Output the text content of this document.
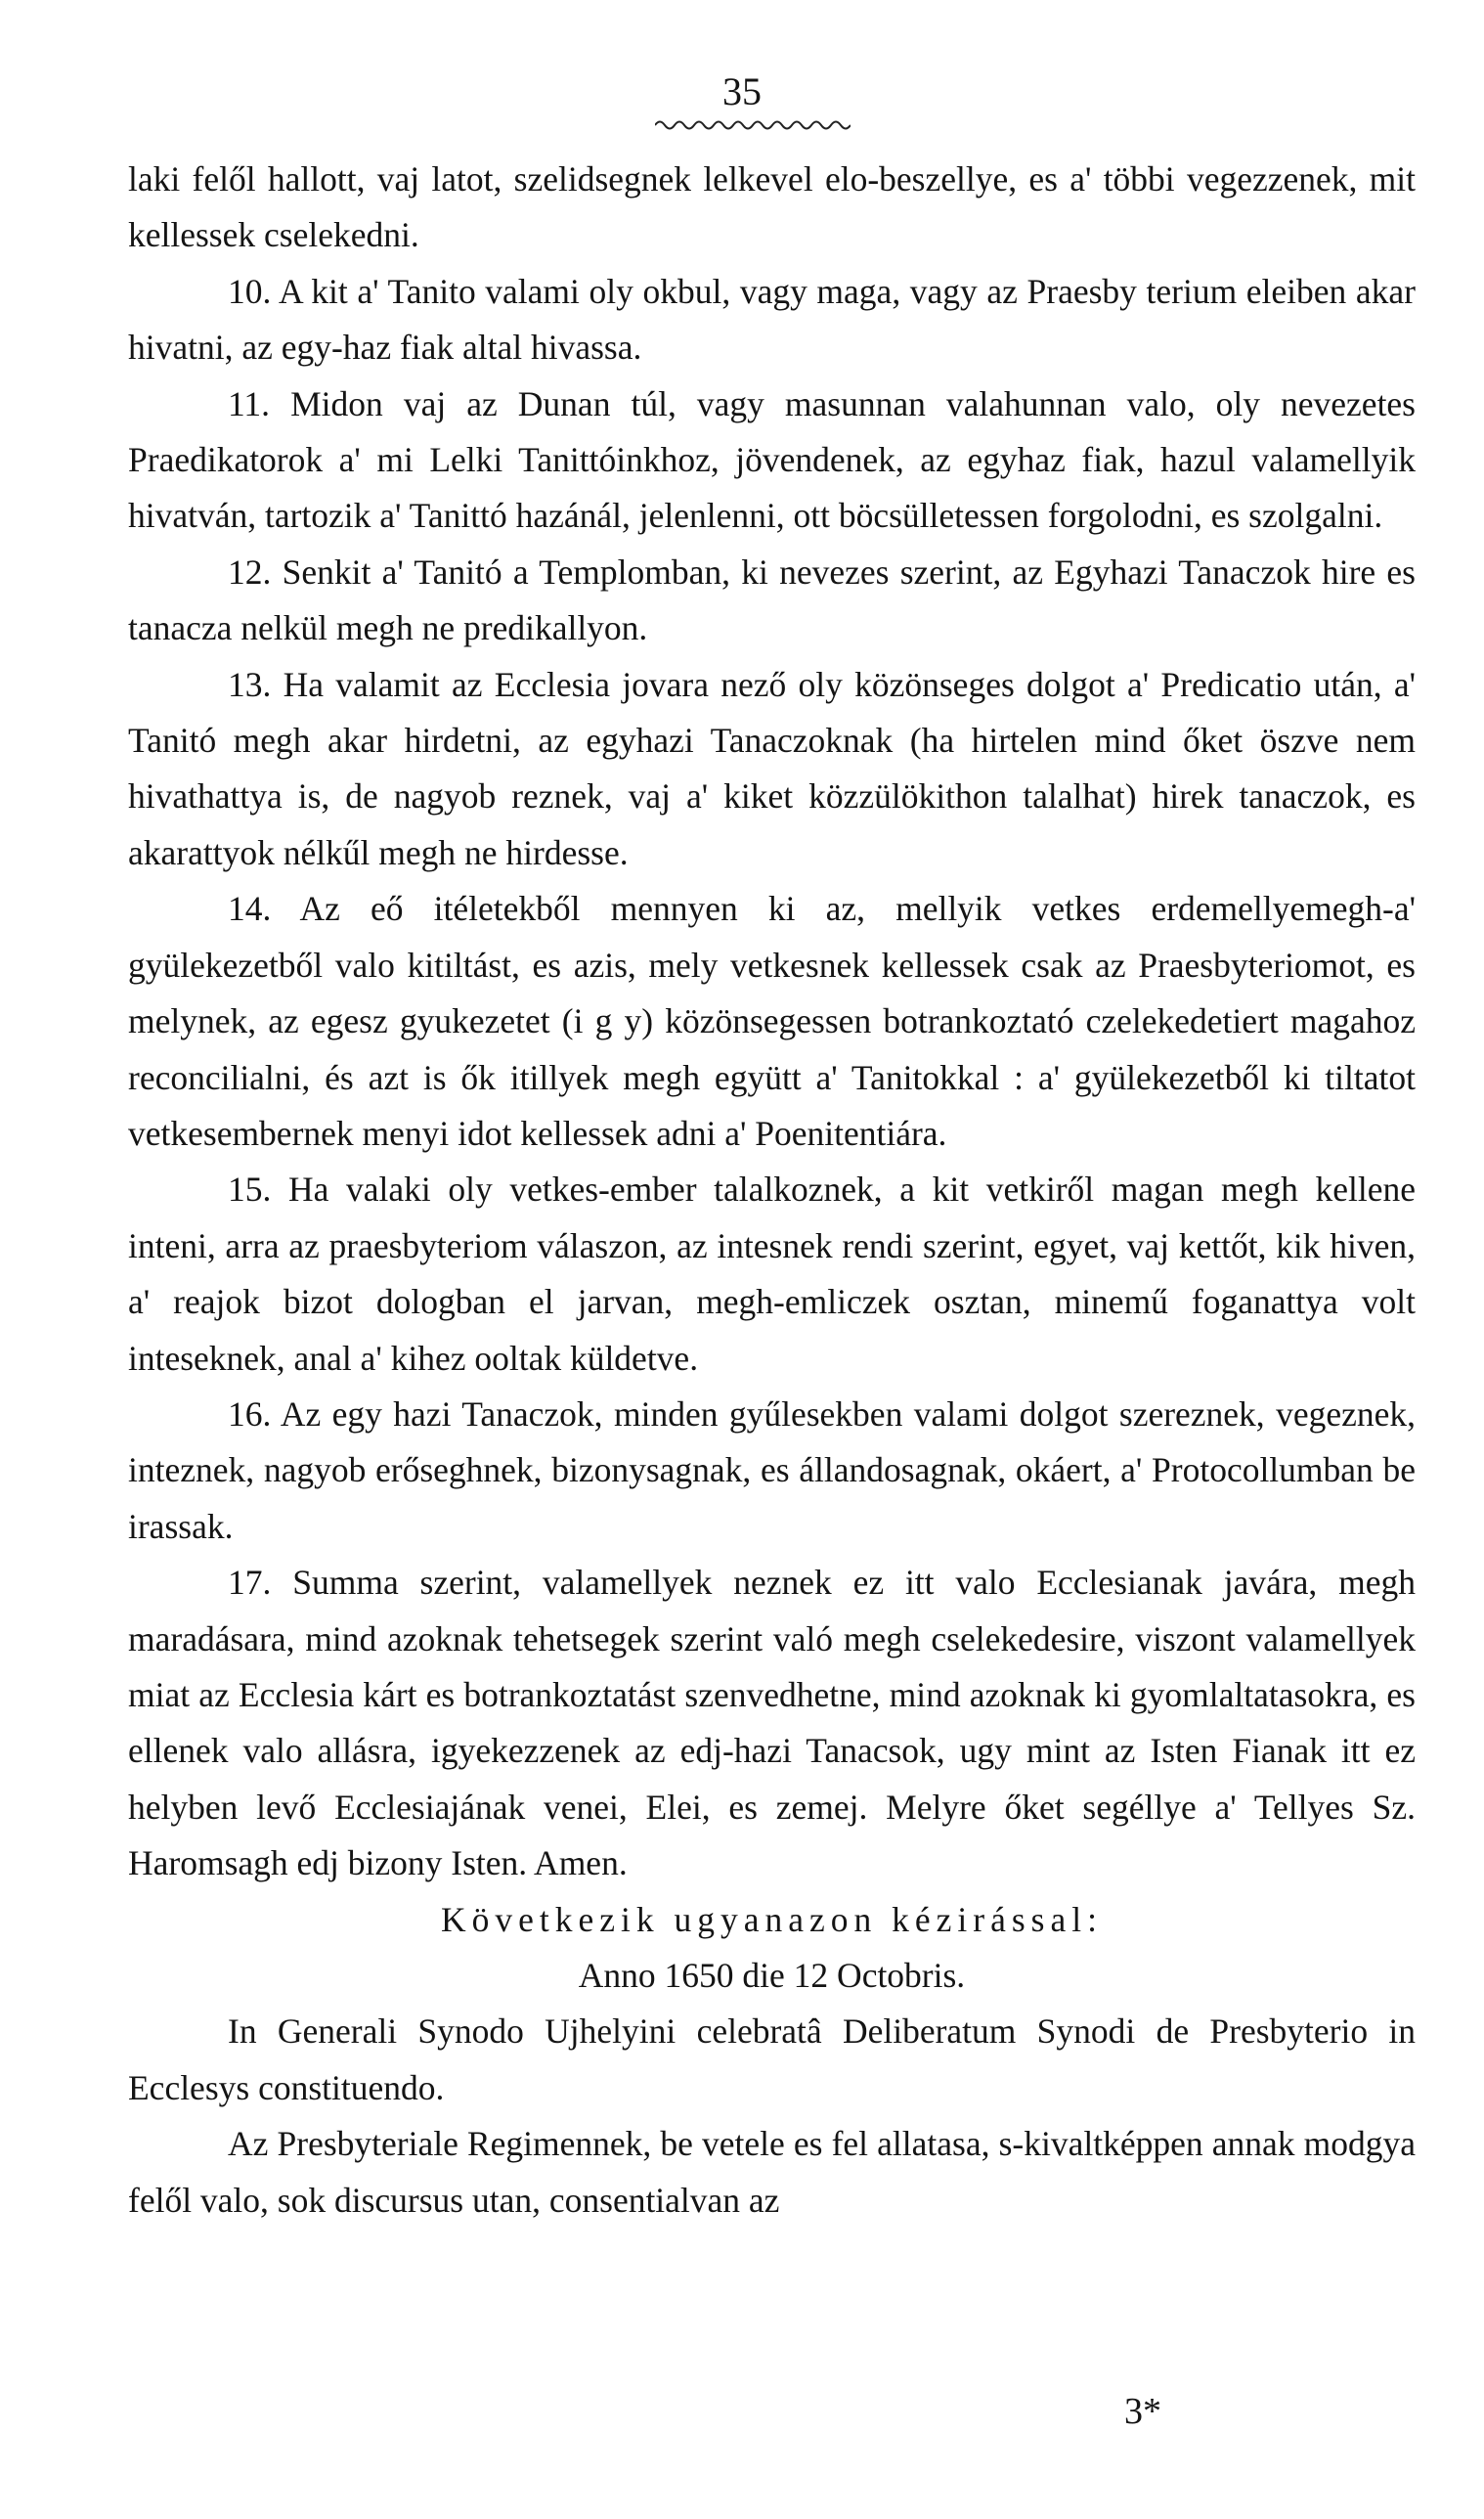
35

laki felől hallott, vaj latot, szelidsegnek lelkevel elo-beszellye, es a' többi vegezzenek, mit kellessek cselekedni.

10. A kit a' Tanito valami oly okbul, vagy maga, vagy az Praesby terium eleiben akar hivatni, az egy-haz fiak altal hivassa.

11. Midon vaj az Dunan túl, vagy masunnan valahunnan valo, oly nevezetes Praedikatorok a' mi Lelki Tanittóinkhoz, jövendenek, az egyhaz fiak, hazul valamellyik hivatván, tartozik a' Tanittó hazánál, jelenlenni, ott böcsülletessen forgolodni, es szolgalni.

12. Senkit a' Tanitó a Templomban, ki nevezes szerint, az Egyhazi Tanaczok hire es tanacza nelkül megh ne predikallyon.

13. Ha valamit az Ecclesia jovara nező oly közönseges dolgot a' Predicatio után, a' Tanitó megh akar hirdetni, az egyhazi Tanaczoknak (ha hirtelen mind őket öszve nem hivathattya is, de nagyob reznek, vaj a' kiket közzülökithon talalhat) hirek tanaczok, es akarattyok nélkűl megh ne hirdesse.

14. Az eő itéletekből mennyen ki az, mellyik vetkes erdemellyemegh-a' gyülekezetből valo kitiltást, es azis, mely vetkesnek kellessek csak az Praesbyteriomot, es melynek, az egesz gyukezetet (i g y) közönsegessen botrankoztató czelekedetiert magahoz reconcilialni, és azt is ők itillyek megh együtt a' Tanitokkal : a' gyülekezetből ki tiltatot vetkesembernek menyi idot kellessek adni a' Poenitentiára.

15. Ha valaki oly vetkes-ember talalkoznek, a kit vetkiről magan megh kellene inteni, arra az praesbyteriom válaszon, az intesnek rendi szerint, egyet, vaj kettőt, kik hiven, a' reajok bizot dologban el jarvan, megh-emliczek osztan, minemű foganattya volt inteseknek, anal a' kihez ooltak küldetve.

16. Az egy hazi Tanaczok, minden gyűlesekben valami dolgot szereznek, vegeznek, inteznek, nagyob erőseghnek, bizonysagnak, es állandosagnak, okáert, a' Protocollumban be irassak.

17. Summa szerint, valamellyek neznek ez itt valo Ecclesianak javára, megh maradásara, mind azoknak tehetsegek szerint való megh cselekedesire, viszont valamellyek miat az Ecclesia kárt es botrankoztatást szenvedhetne, mind azoknak ki gyomlaltatasokra, es ellenek valo allásra, igyekezzenek az edj-hazi Tanacsok, ugy mint az Isten Fianak itt ez helyben levő Ecclesiajának venei, Elei, es zemej. Melyre őket segéllye a' Tellyes Sz. Haromsagh edj bizony Isten. Amen.

Következik ugyanazon kézirással:

Anno 1650 die 12 Octobris.

In Generali Synodo Ujhelyini celebratâ Deliberatum Synodi de Presbyterio in Ecclesys constituendo.

Az Presbyteriale Regimennek, be vetele es fel allatasa, s-kivaltképpen annak modgya felől valo, sok discursus utan, consentialvan az

3*
